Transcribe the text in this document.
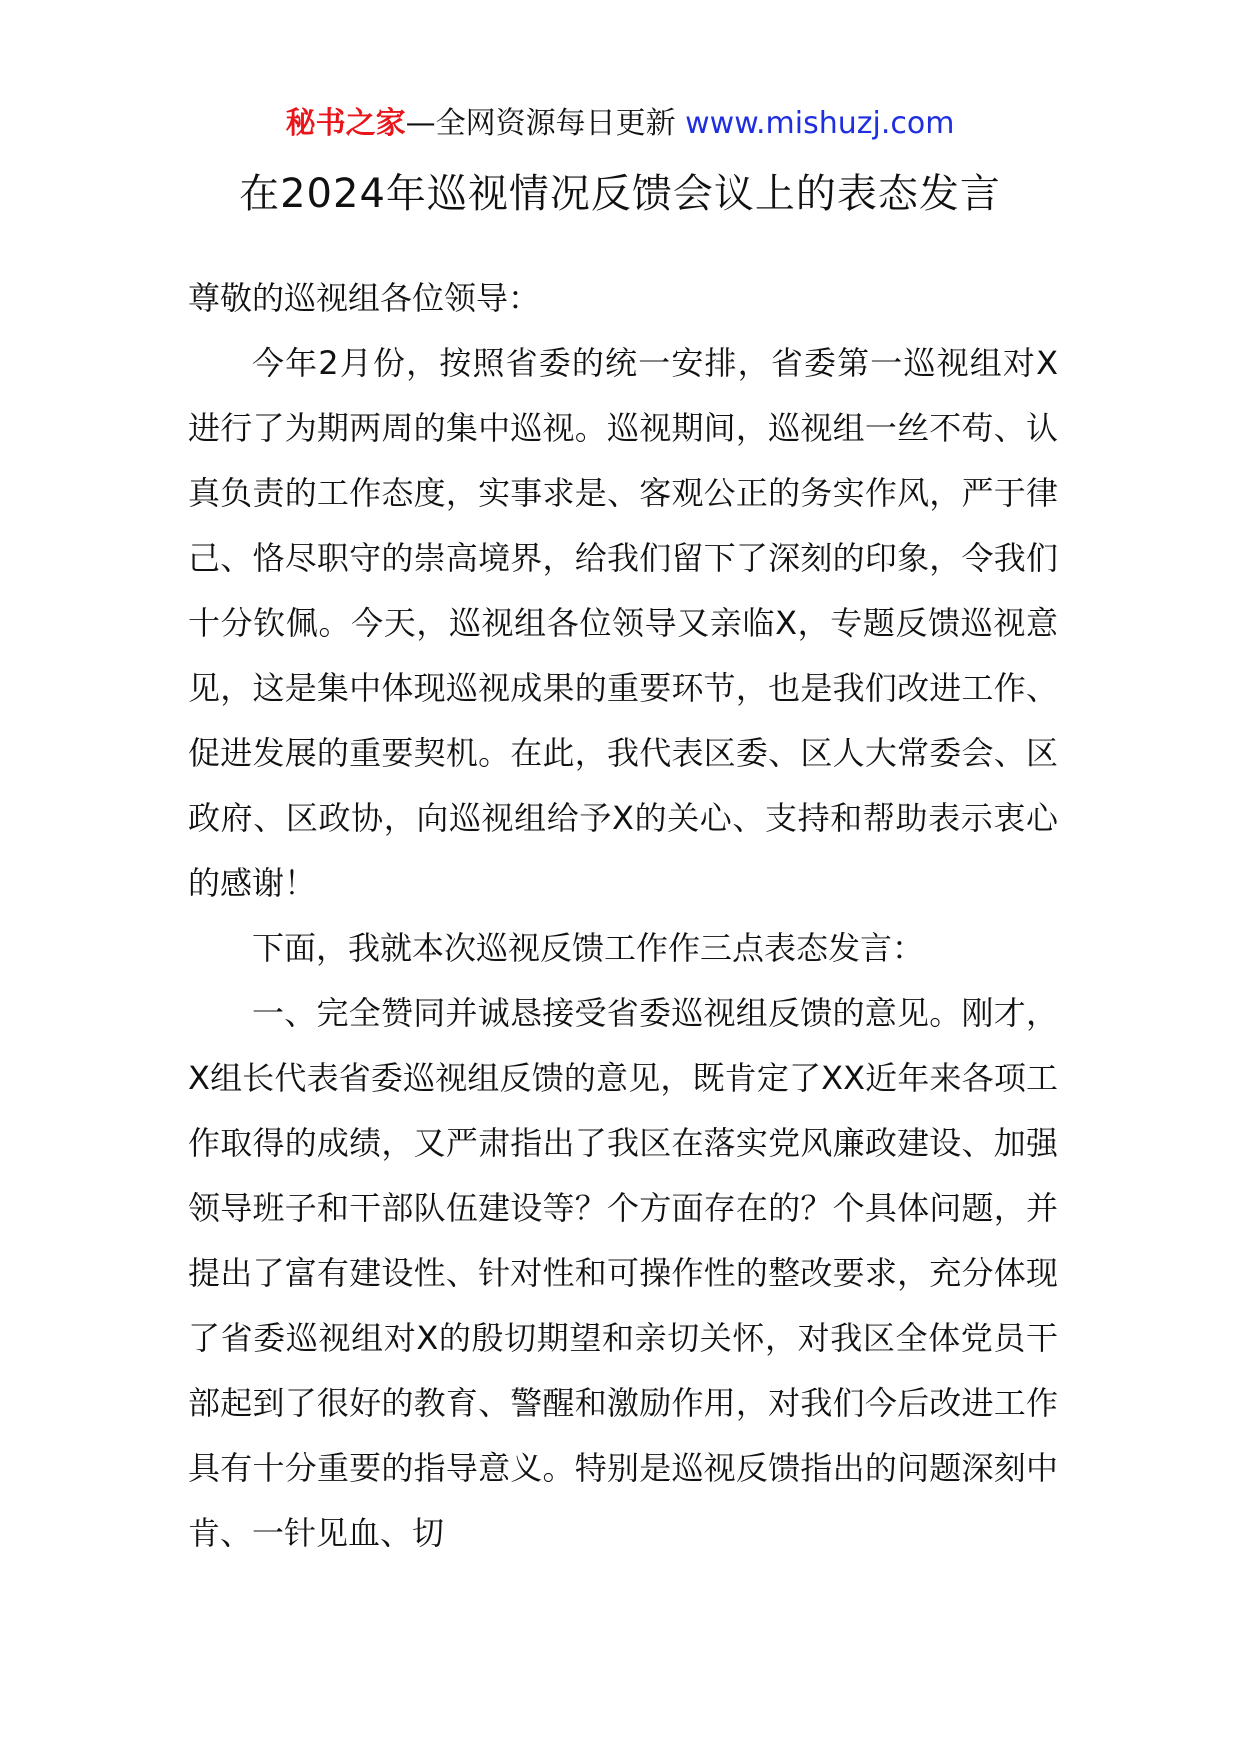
秘书之家—全网资源每日更新 www.mishuzj.com
在2024年巡视情况反馈会议上的表态发言

尊敬的巡视组各位领导：

今年2月份，按照省委的统一安排，省委第一巡视组对X进行了为期两周的集中巡视。巡视期间，巡视组一丝不苟、认真负责的工作态度，实事求是、客观公正的务实作风，严于律己、恪尽职守的崇高境界，给我们留下了深刻的印象，令我们十分钦佩。今天，巡视组各位领导又亲临X，专题反馈巡视意见，这是集中体现巡视成果的重要环节，也是我们改进工作、促进发展的重要契机。在此，我代表区委、区人大常委会、区政府、区政协，向巡视组给予X的关心、支持和帮助表示衷心的感谢！

下面，我就本次巡视反馈工作作三点表态发言：

一、完全赞同并诚恳接受省委巡视组反馈的意见。刚才，X组长代表省委巡视组反馈的意见，既肯定了XX近年来各项工作取得的成绩，又严肃指出了我区在落实党风廉政建设、加强领导班子和干部队伍建设等？个方面存在的？个具体问题，并提出了富有建设性、针对性和可操作性的整改要求，充分体现了省委巡视组对X的殷切期望和亲切关怀，对我区全体党员干部起到了很好的教育、警醒和激励作用，对我们今后改进工作具有十分重要的指导意义。特别是巡视反馈指出的问题深刻中肯、一针见血、切
